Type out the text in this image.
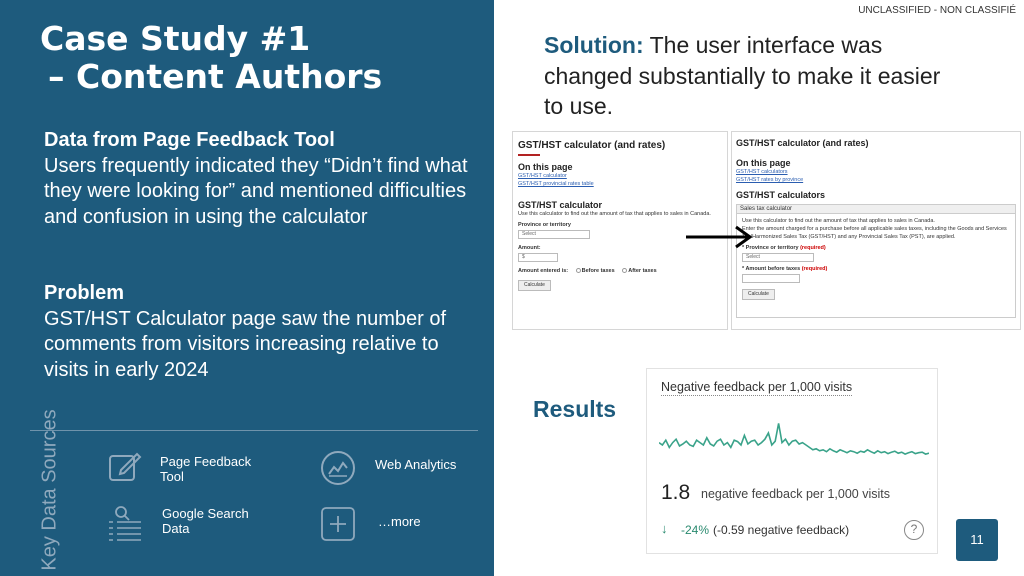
Case Study #1
– Content Authors
Data from Page Feedback Tool
Users frequently indicated they “Didn’t find what they were looking for” and mentioned difficulties and confusion in using the calculator
Problem
GST/HST Calculator page saw the number of comments from visitors increasing relative to visits in early 2024
Key Data Sources	Page Feedback Tool
Web Analytics
Google Search Data	…more
UNCLASSIFIED - NON CLASSIFIÉ
Solution: The user interface was changed substantially to make it easier to use.
GST/HST calculator (and rates)
On this page
GST/HST calculator
GST/HST provincial rates table
GST/HST calculator
Use this calculator to find out the amount of tax that applies to sales in Canada.
Province or territory
Select
Amount:
$
Amount entered is: Before taxes After taxes
Calculate
GST/HST calculator (and rates)
On this page
GST/HST calculators
GST/HST rates by province
GST/HST calculators
Sales tax calculator
Use this calculator to find out the amount of tax that applies to sales in Canada.
Enter the amount charged for a purchase before all applicable sales taxes, including the Goods and Services Tax/Harmonized Sales Tax (GST/HST) and any Provincial Sales Tax (PST), are applied.
* Province or territory (required)
Select
* Amount before taxes (required)
Calculate
Results
Negative feedback per 1,000 visits
1.8 negative feedback per 1,000 visits
↓ -24% (-0.59 negative feedback)	?
11
